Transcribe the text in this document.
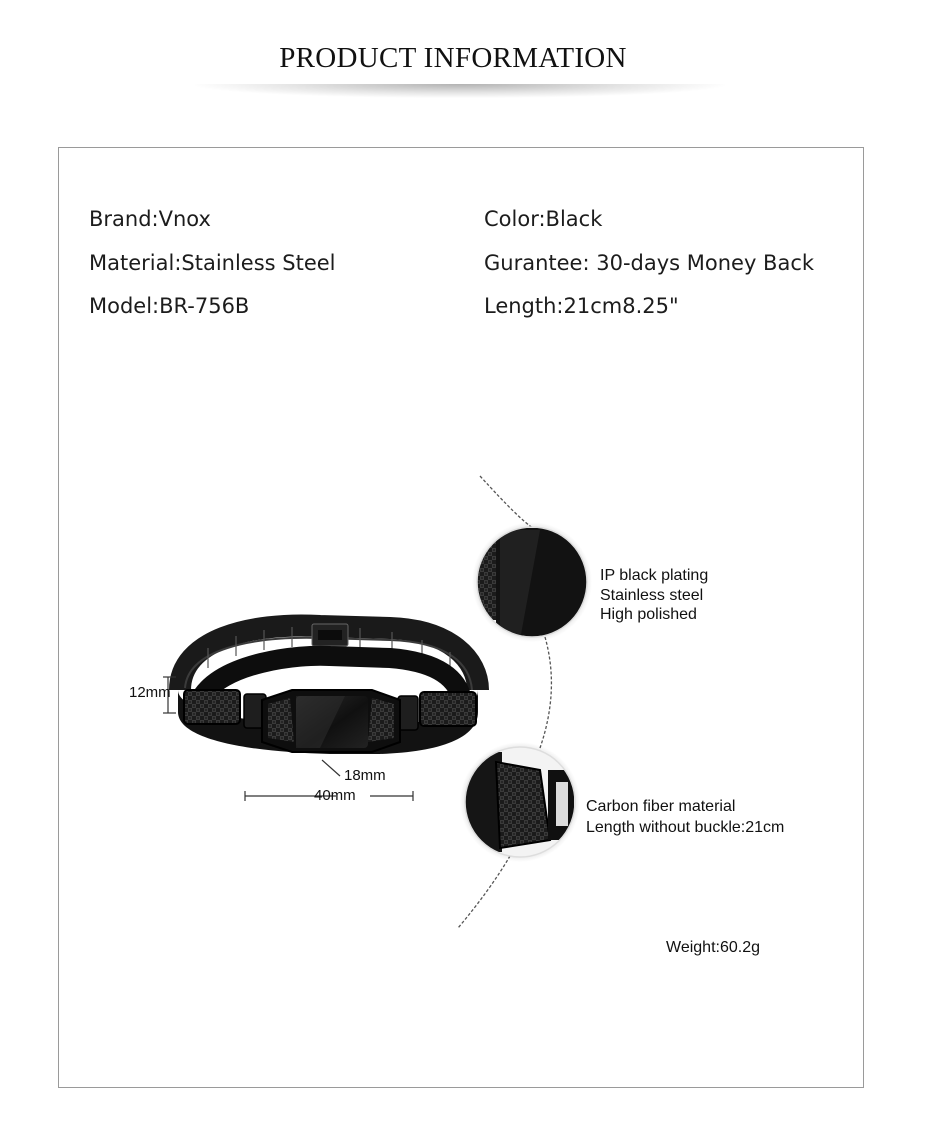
PRODUCT INFORMATION
Brand:Vnox
Material:Stainless Steel
Model:BR-756B
Color:Black
Gurantee: 30-days Money Back
Length:21cm8.25"
12mm
18mm
40mm
IP black plating
Stainless steel
High polished
Carbon fiber material
Length without buckle:21cm
Weight:60.2g
